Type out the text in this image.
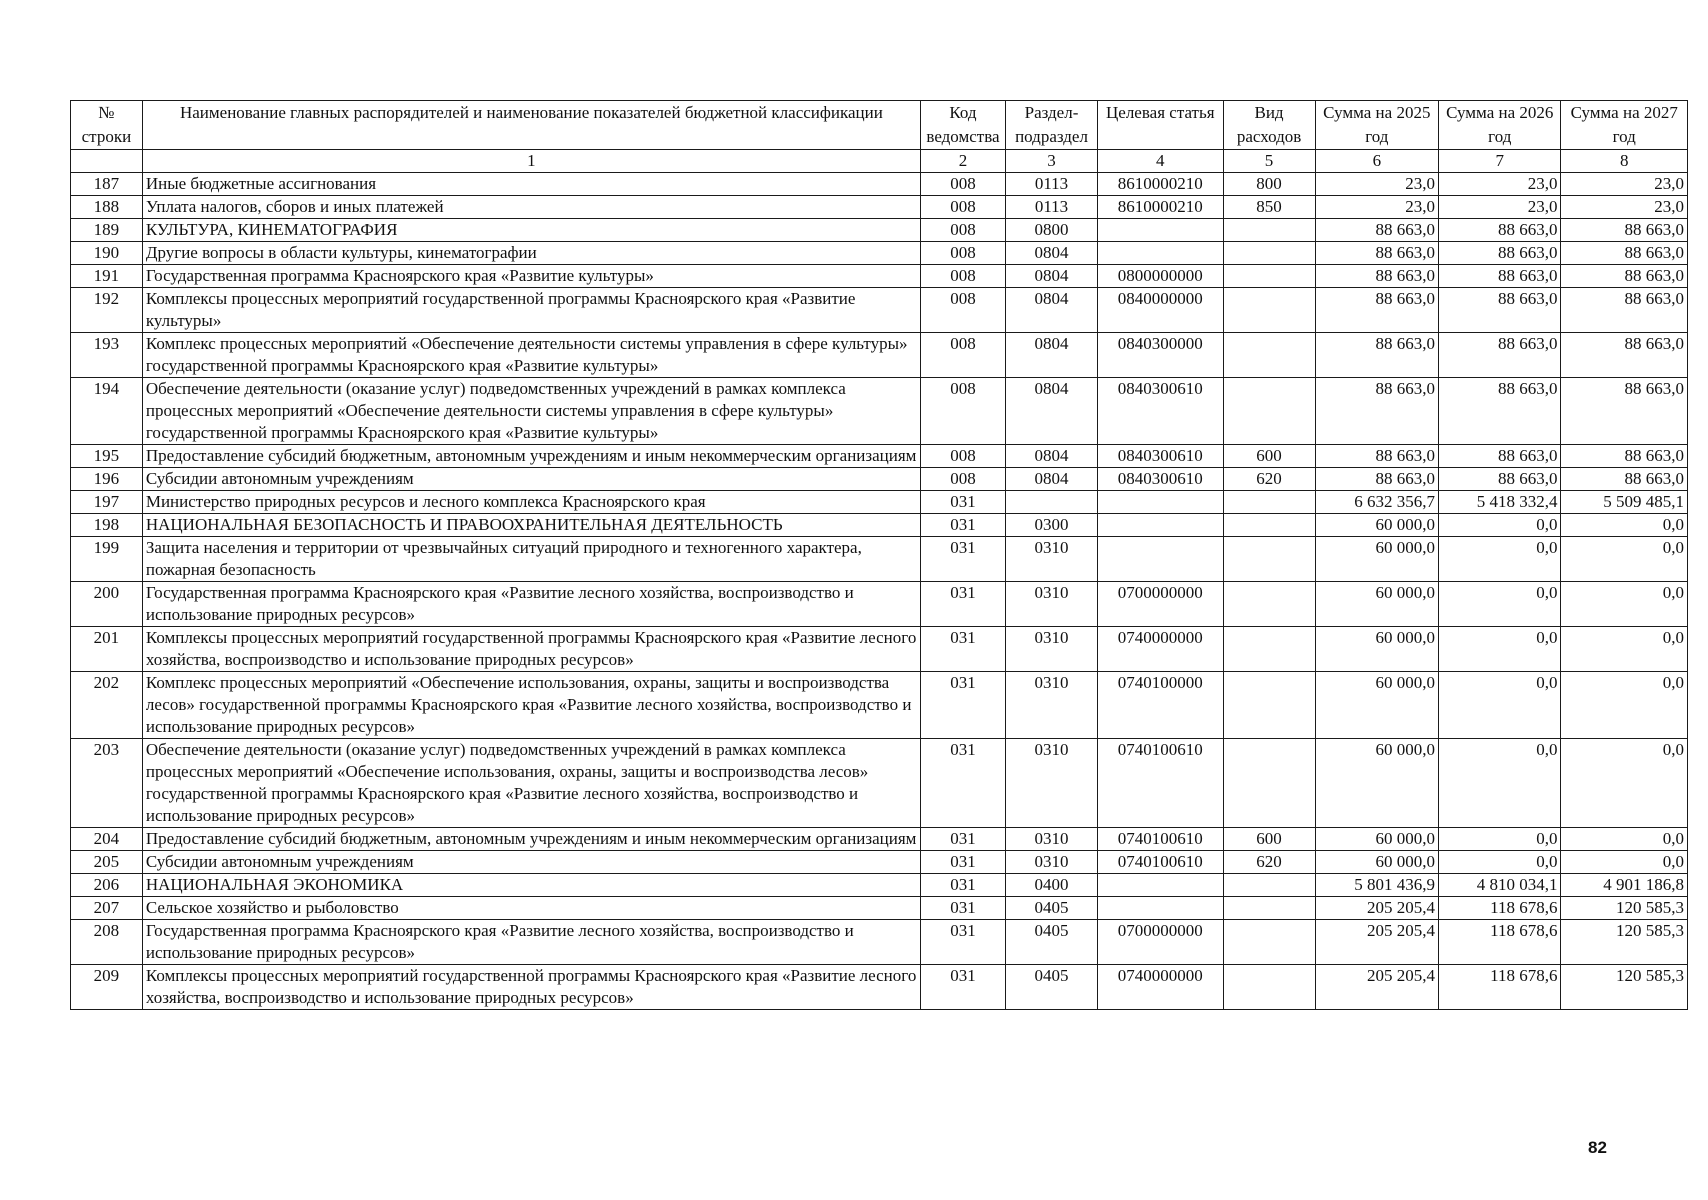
№ строки	Наименование главных распорядителей и наименование показателей бюджетной классификации	Код ведомства	Раздел-подраздел	Целевая статья	Вид расходов	Сумма на 2025 год	Сумма на 2026 год	Сумма на 2027 год
	1	2	3	4	5	6	7	8
187	Иные бюджетные ассигнования	008	0113	8610000210	800	23,0	23,0	23,0
188	Уплата налогов, сборов и иных платежей	008	0113	8610000210	850	23,0	23,0	23,0
189	КУЛЬТУРА, КИНЕМАТОГРАФИЯ	008	0800			88 663,0	88 663,0	88 663,0
190	Другие вопросы в области культуры, кинематографии	008	0804			88 663,0	88 663,0	88 663,0
191	Государственная программа Красноярского края «Развитие культуры»	008	0804	0800000000		88 663,0	88 663,0	88 663,0
192	Комплексы процессных мероприятий государственной программы Красноярского края «Развитие культуры»	008	0804	0840000000		88 663,0	88 663,0	88 663,0
193	Комплекс процессных мероприятий «Обеспечение деятельности системы управления в сфере культуры» государственной программы Красноярского края «Развитие культуры»	008	0804	0840300000		88 663,0	88 663,0	88 663,0
194	Обеспечение деятельности (оказание услуг) подведомственных учреждений в рамках комплекса процессных мероприятий «Обеспечение деятельности системы управления в сфере культуры» государственной программы Красноярского края «Развитие культуры»	008	0804	0840300610		88 663,0	88 663,0	88 663,0
195	Предоставление субсидий бюджетным, автономным учреждениям и иным некоммерческим организациям	008	0804	0840300610	600	88 663,0	88 663,0	88 663,0
196	Субсидии автономным учреждениям	008	0804	0840300610	620	88 663,0	88 663,0	88 663,0
197	Министерство природных ресурсов и лесного комплекса Красноярского края	031				6 632 356,7	5 418 332,4	5 509 485,1
198	НАЦИОНАЛЬНАЯ БЕЗОПАСНОСТЬ И ПРАВООХРАНИТЕЛЬНАЯ ДЕЯТЕЛЬНОСТЬ	031	0300			60 000,0	0,0	0,0
199	Защита населения и территории от чрезвычайных ситуаций природного и техногенного характера, пожарная безопасность	031	0310			60 000,0	0,0	0,0
200	Государственная программа Красноярского края «Развитие лесного хозяйства, воспроизводство и использование природных ресурсов»	031	0310	0700000000		60 000,0	0,0	0,0
201	Комплексы процессных мероприятий государственной программы Красноярского края «Развитие лесного хозяйства, воспроизводство и использование природных ресурсов»	031	0310	0740000000		60 000,0	0,0	0,0
202	Комплекс процессных мероприятий «Обеспечение использования, охраны, защиты и воспроизводства лесов» государственной программы Красноярского края «Развитие лесного хозяйства, воспроизводство и использование природных ресурсов»	031	0310	0740100000		60 000,0	0,0	0,0
203	Обеспечение деятельности (оказание услуг) подведомственных учреждений в рамках комплекса процессных мероприятий «Обеспечение использования, охраны, защиты и воспроизводства лесов» государственной программы Красноярского края «Развитие лесного хозяйства, воспроизводство и использование природных ресурсов»	031	0310	0740100610		60 000,0	0,0	0,0
204	Предоставление субсидий бюджетным, автономным учреждениям и иным некоммерческим организациям	031	0310	0740100610	600	60 000,0	0,0	0,0
205	Субсидии автономным учреждениям	031	0310	0740100610	620	60 000,0	0,0	0,0
206	НАЦИОНАЛЬНАЯ ЭКОНОМИКА	031	0400			5 801 436,9	4 810 034,1	4 901 186,8
207	Сельское хозяйство и рыболовство	031	0405			205 205,4	118 678,6	120 585,3
208	Государственная программа Красноярского края «Развитие лесного хозяйства, воспроизводство и использование природных ресурсов»	031	0405	0700000000		205 205,4	118 678,6	120 585,3
209	Комплексы процессных мероприятий государственной программы Красноярского края «Развитие лесного хозяйства, воспроизводство и использование природных ресурсов»	031	0405	0740000000		205 205,4	118 678,6	120 585,3
82
